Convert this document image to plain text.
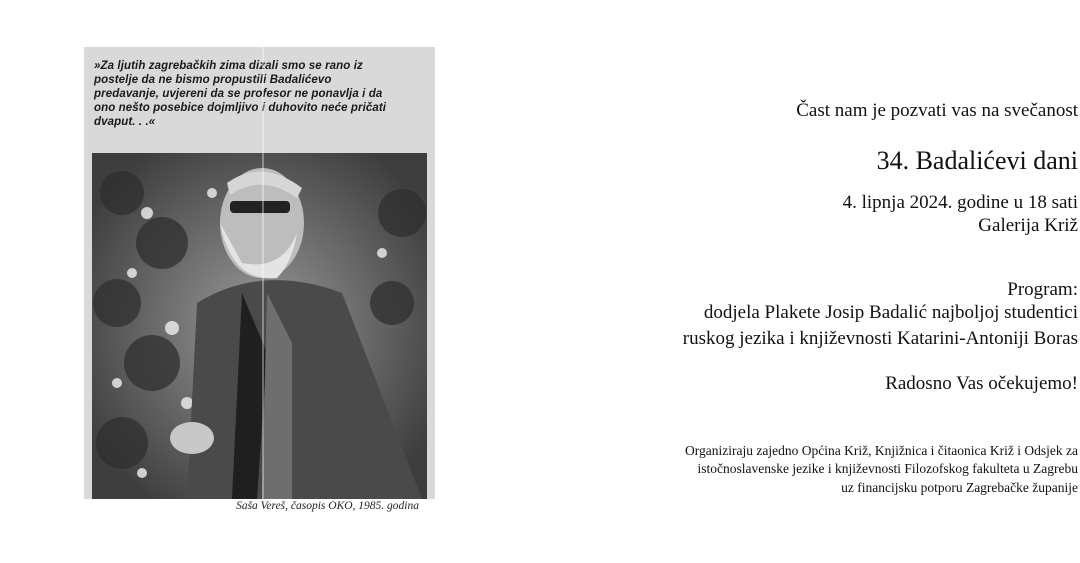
»Za ljutih zagrebačkih zima dizali smo se rano iz
postelje da ne bismo propustili Badalićevo
predavanje, uvjereni da se profesor ne ponavlja i da
ono nešto posebice dojmljivo i duhovito neće pričati
dvaput. . .«
Saša Vereš, časopis OKO, 1985. godina
Čast nam je pozvati vas na svečanost
34. Badalićevi dani
4. lipnja 2024. godine u 18 sati
Galerija Križ
Program:
dodjela Plakete Josip Badalić najboljoj studentici
ruskog jezika i književnosti Katarini-Antoniji Boras
Radosno Vas očekujemo!
Organiziraju zajedno Općina Križ, Knjižnica i čitaonica Križ i Odsjek za
istočnoslavenske jezike i književnosti Filozofskog fakulteta u Zagrebu
uz financijsku potporu Zagrebačke županije
